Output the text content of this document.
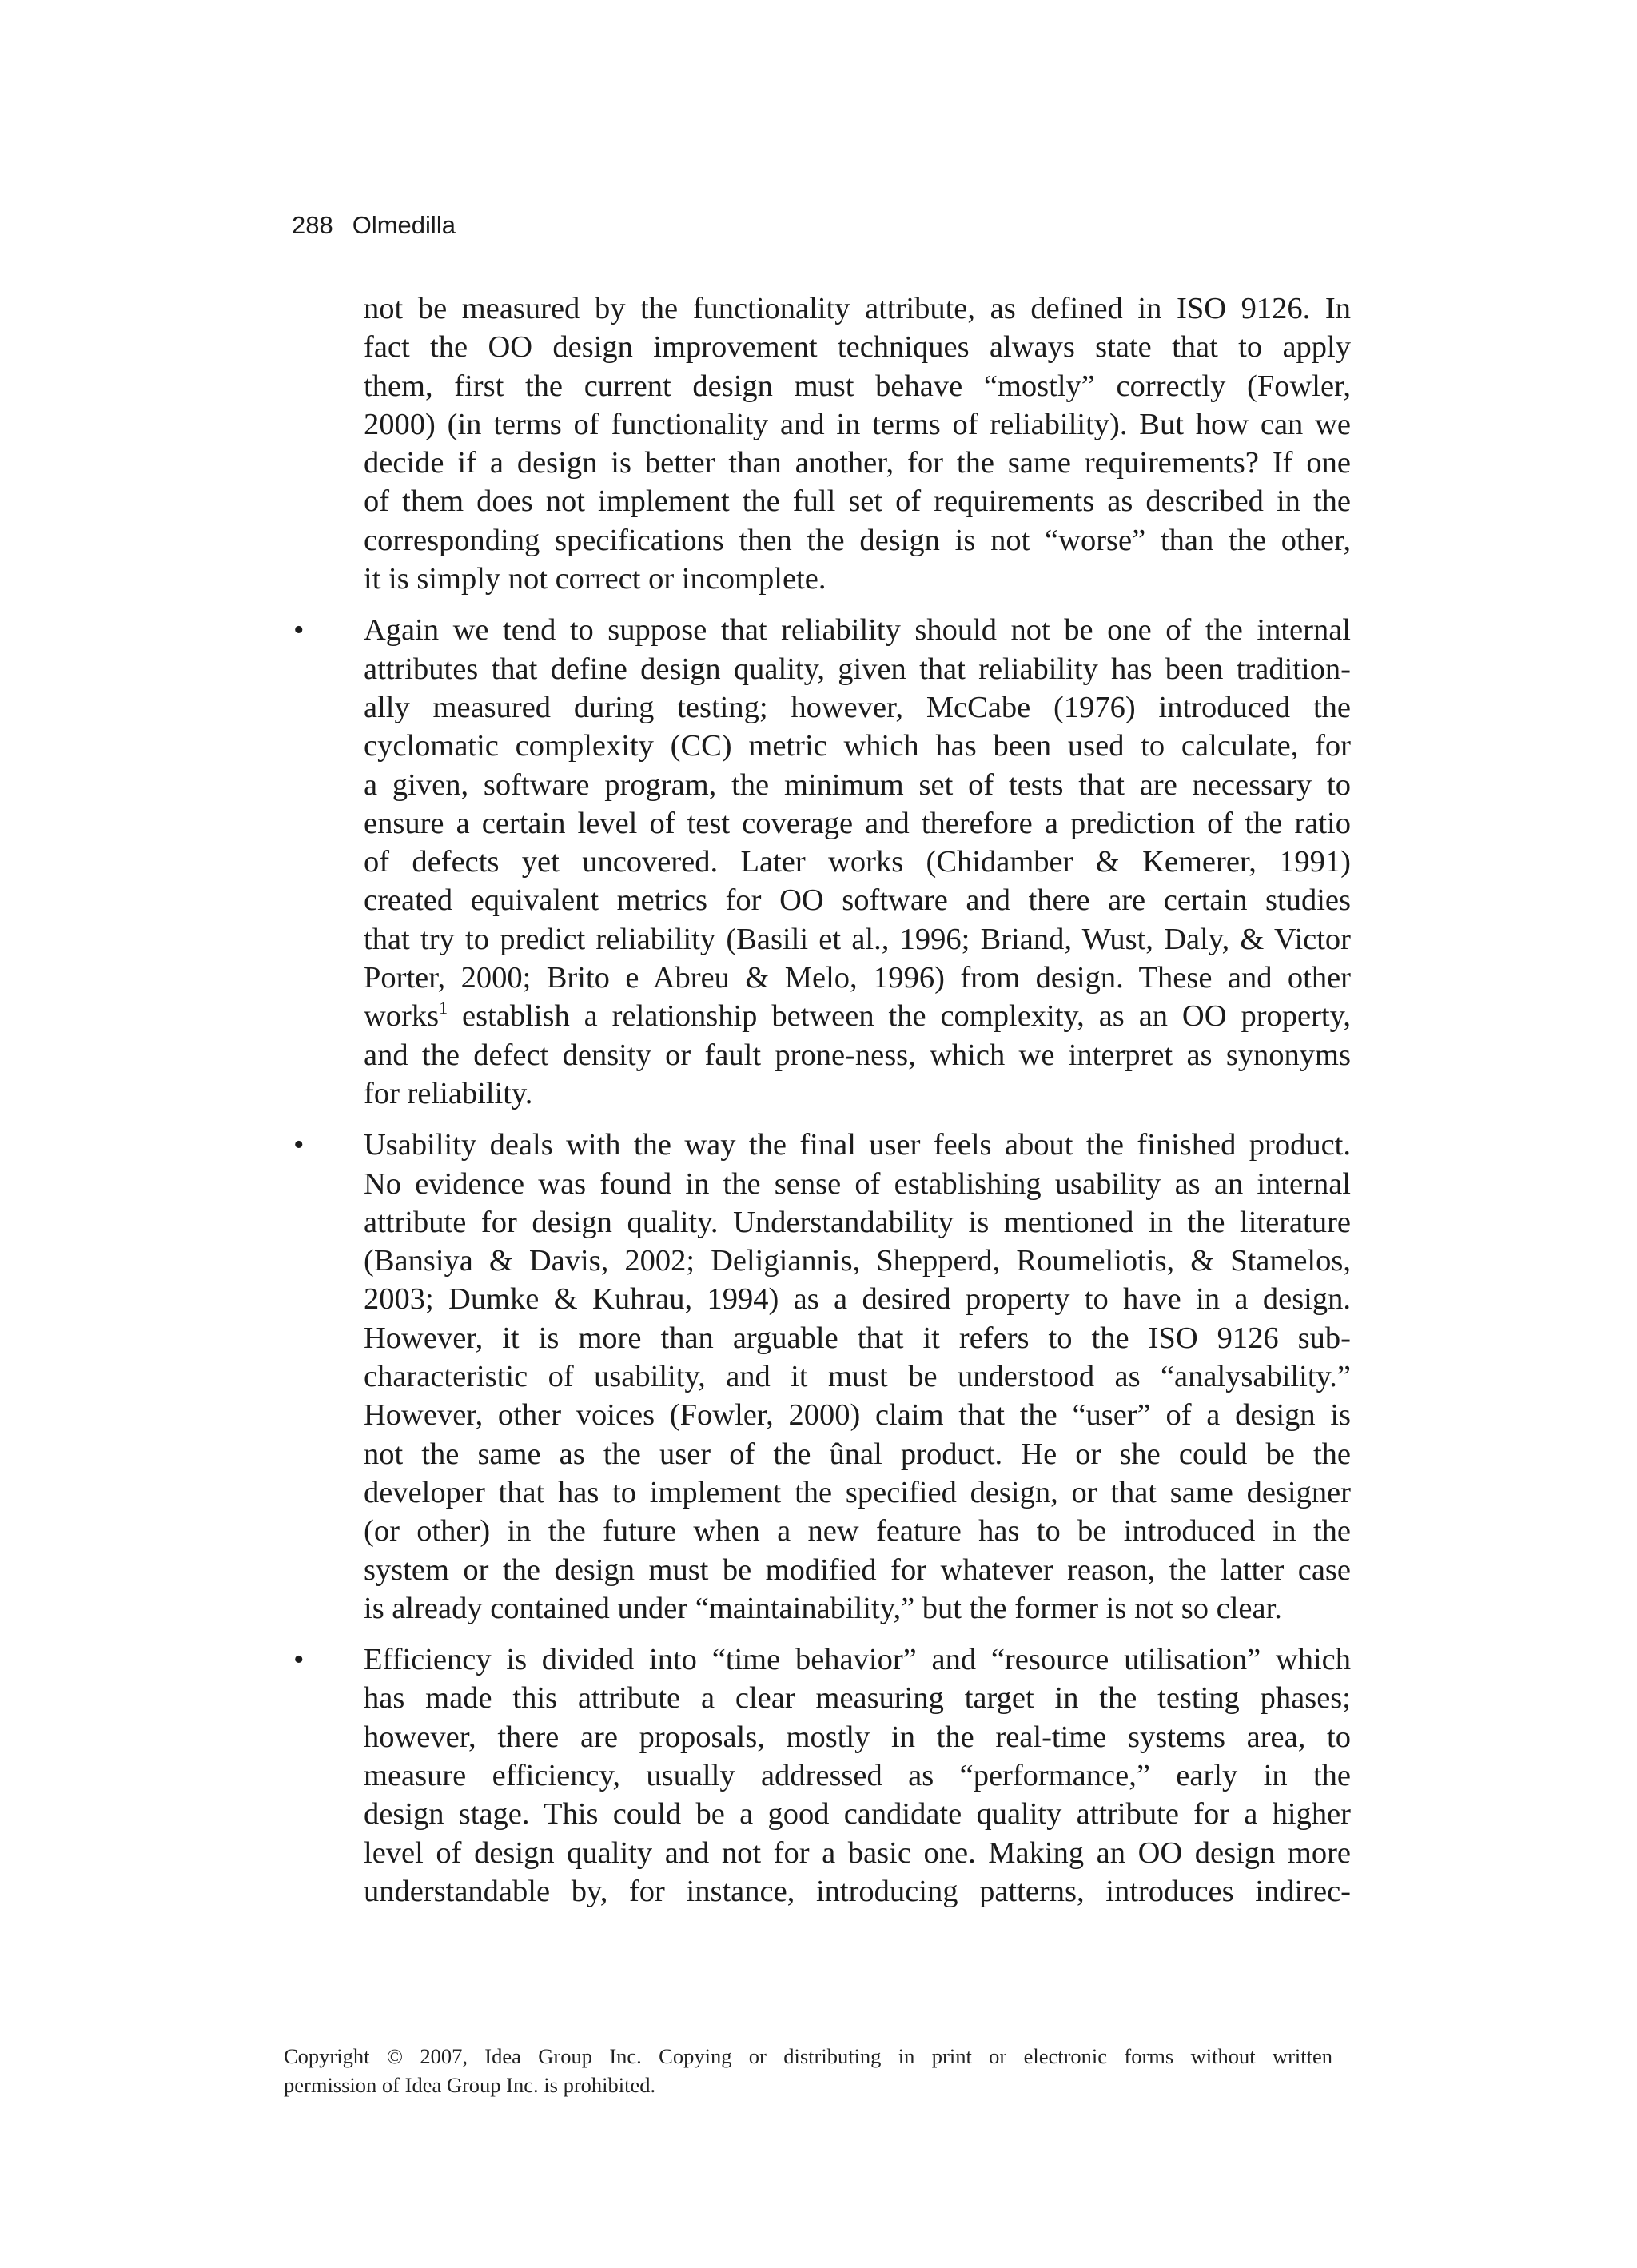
288 Olmedilla
not be measured by the functionality attribute, as defined in ISO 9126. In
fact the OO design improvement techniques always state that to apply
them, first the current design must behave “mostly” correctly (Fowler,
2000) (in terms of functionality and in terms of reliability). But how can we
decide if a design is better than another, for the same requirements? If one
of them does not implement the full set of requirements as described in the
corresponding specifications then the design is not “worse” than the other,
it is simply not correct or incomplete.
• Again we tend to suppose that reliability should not be one of the internal
attributes that define design quality, given that reliability has been tradition-
ally measured during testing; however, McCabe (1976) introduced the
cyclomatic complexity (CC) metric which has been used to calculate, for
a given, software program, the minimum set of tests that are necessary to
ensure a certain level of test coverage and therefore a prediction of the ratio
of defects yet uncovered. Later works (Chidamber & Kemerer, 1991)
created equivalent metrics for OO software and there are certain studies
that try to predict reliability (Basili et al., 1996; Briand, Wust, Daly, & Victor
Porter, 2000; Brito e Abreu & Melo, 1996) from design. These and other
works$^1$ establish a relationship between the complexity, as an OO property,
and the defect density or fault prone-ness, which we interpret as synonyms
for reliability.
• Usability deals with the way the final user feels about the finished product.
No evidence was found in the sense of establishing usability as an internal
attribute for design quality. Understandability is mentioned in the literature
(Bansiya & Davis, 2002; Deligiannis, Shepperd, Roumeliotis, & Stamelos,
2003; Dumke & Kuhrau, 1994) as a desired property to have in a design.
However, it is more than arguable that it refers to the ISO 9126 sub-
characteristic of usability, and it must be understood as “analysability.”
However, other voices (Fowler, 2000) claim that the “user” of a design is
not the same as the user of the ûnal product. He or she could be the
developer that has to implement the specified design, or that same designer
(or other) in the future when a new feature has to be introduced in the
system or the design must be modified for whatever reason, the latter case
is already contained under “maintainability,” but the former is not so clear.
• Efficiency is divided into “time behavior” and “resource utilisation” which
has made this attribute a clear measuring target in the testing phases;
however, there are proposals, mostly in the real-time systems area, to
measure efficiency, usually addressed as “performance,” early in the
design stage. This could be a good candidate quality attribute for a higher
level of design quality and not for a basic one. Making an OO design more
understandable by, for instance, introducing patterns, introduces indirec-
Copyright © 2007, Idea Group Inc. Copying or distributing in print or electronic forms without written
permission of Idea Group Inc. is prohibited.
